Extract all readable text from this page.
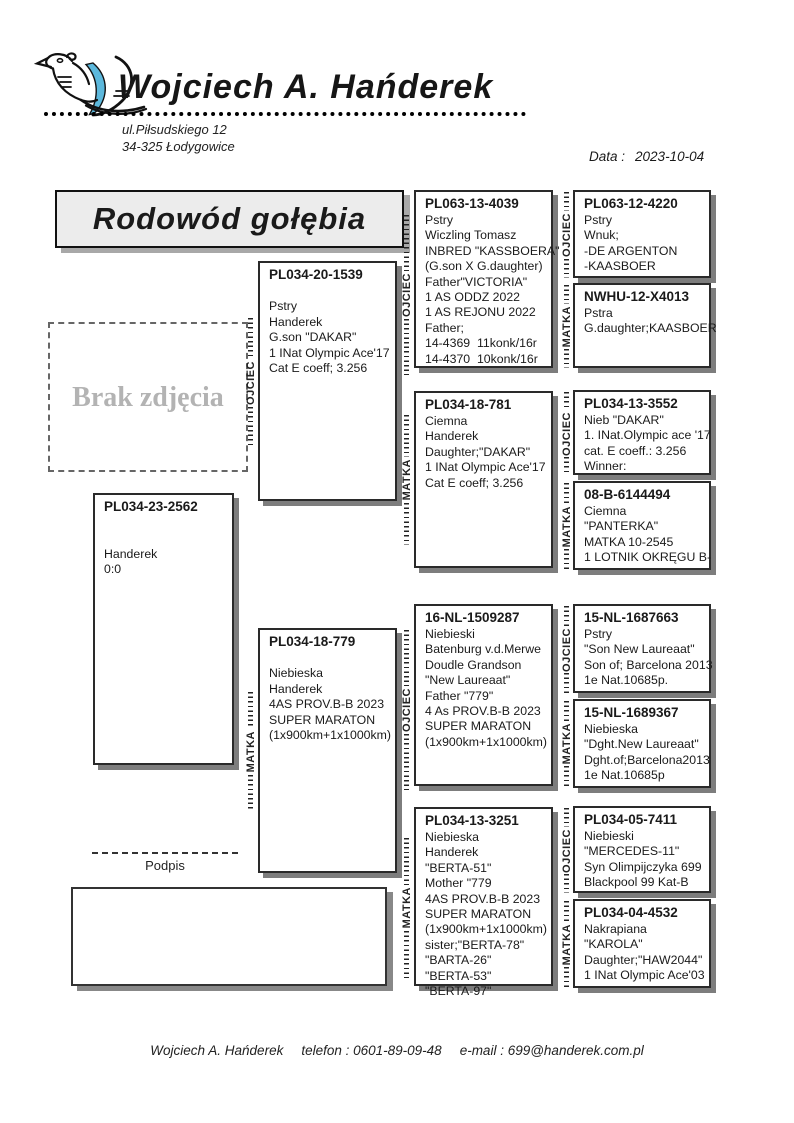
Wojciech A. Hańderek
ul.Piłsudskiego 12
34-325 Łodygowice
Data : 2023-10-04
Rodowód gołębia
Brak zdjęcia
PL034-23-2562
Handerek
0:0
PL034-20-1539
Pstry
Handerek
G.son "DAKAR"
1 INat Olympic Ace'17
Cat E coeff; 3.256
PL034-18-779
Niebieska
Handerek
4AS PROV.B-B 2023
SUPER MARATON
(1x900km+1x1000km)
PL063-13-4039
Pstry
Wiczling Tomasz
INBRED "KASSBOERA"
(G.son X G.daughter)
Father"VICTORIA"
1 AS ODDZ 2022
1 AS REJONU 2022
Father;
14-4369  11konk/16r
14-4370  10konk/16r
PL034-18-781
Ciemna
Handerek
Daughter;"DAKAR"
1 INat Olympic Ace'17
Cat E coeff; 3.256
16-NL-1509287
Niebieski
Batenburg v.d.Merwe
Doudle Grandson
"New Laureaat"
Father "779"
4 As PROV.B-B 2023
SUPER MARATON
(1x900km+1x1000km)
PL034-13-3251
Niebieska
Handerek
"BERTA-51"
Mother "779
4AS PROV.B-B 2023
SUPER MARATON
(1x900km+1x1000km)
sister;"BERTA-78"
"BARTA-26"
"BERTA-53"
"BERTA-97"
PL063-12-4220
Pstry
Wnuk;
-DE ARGENTON
-KAASBOER
NWHU-12-X4013
Pstra
G.daughter;KAASBOER
PL034-13-3552
Nieb "DAKAR"
1. INat.Olympic ace '17
cat. E coeff.: 3.256
Winner:
08-B-6144494
Ciemna
"PANTERKA"
MATKA 10-2545
1 LOTNIK OKRĘGU B-
15-NL-1687663
Pstry
"Son New Laureaat"
Son of; Barcelona 2013
1e Nat.10685p.
15-NL-1689367
Niebieska
"Dght.New Laureaat"
Dght.of;Barcelona2013
1e Nat.10685p
PL034-05-7411
Niebieski
"MERCEDES-11"
Syn Olimpijczyka 699
Blackpool 99 Kat-B
PL034-04-4532
Nakrapiana
"KAROLA"
Daughter;"HAW2044"
1 INat Olympic Ace'03
OJCIEC
MATKA
OJCIEC
MATKA
OJCIEC
MATKA
OJCIEC
MATKA
OJCIEC
MATKA
OJCIEC
MATKA
OJCIEC
MATKA
Podpis
Wojciech A. Hańderek telefon : 0601-89-09-48 e-mail : 699@handerek.com.pl
